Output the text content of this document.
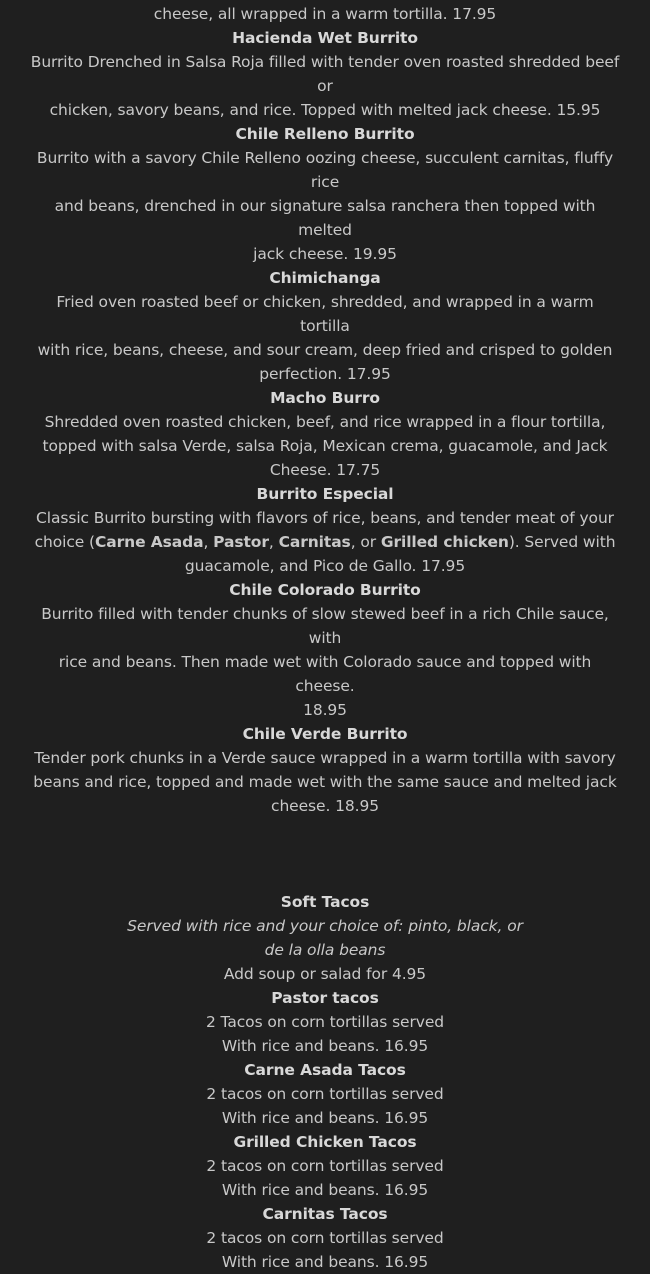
cheese, all wrapped in a warm tortilla. 17.95

Hacienda Wet Burrito

Burrito Drenched in Salsa Roja filled with tender oven roasted shredded beef or

chicken, savory beans, and rice. Topped with melted jack cheese. 15.95

Chile Relleno Burrito

Burrito with a savory Chile Relleno oozing cheese, succulent carnitas, fluffy rice

and beans, drenched in our signature salsa ranchera then topped with melted

jack cheese. 19.95

Chimichanga

Fried oven roasted beef or chicken, shredded, and wrapped in a warm tortilla

with rice, beans, cheese, and sour cream, deep fried and crisped to golden

perfection. 17.95

Macho Burro

Shredded oven roasted chicken, beef, and rice wrapped in a flour tortilla,

topped with salsa Verde, salsa Roja, Mexican crema, guacamole, and Jack

Cheese. 17.75

Burrito Especial

Classic Burrito bursting with flavors of rice, beans, and tender meat of your

choice (Carne Asada, Pastor, Carnitas, or Grilled chicken). Served with

guacamole, and Pico de Gallo. 17.95

Chile Colorado Burrito

Burrito filled with tender chunks of slow stewed beef in a rich Chile sauce, with

rice and beans. Then made wet with Colorado sauce and topped with cheese.

18.95

Chile Verde Burrito

Tender pork chunks in a Verde sauce wrapped in a warm tortilla with savory

beans and rice, topped and made wet with the same sauce and melted jack

cheese. 18.95

Soft Tacos

Served with rice and your choice of: pinto, black, or

de la olla beans

Add soup or salad for 4.95

Pastor tacos

2 Tacos on corn tortillas served

With rice and beans. 16.95

Carne Asada Tacos

2 tacos on corn tortillas served

With rice and beans. 16.95

Grilled Chicken Tacos

2 tacos on corn tortillas served

With rice and beans. 16.95

Carnitas Tacos

2 tacos on corn tortillas served

With rice and beans. 16.95
